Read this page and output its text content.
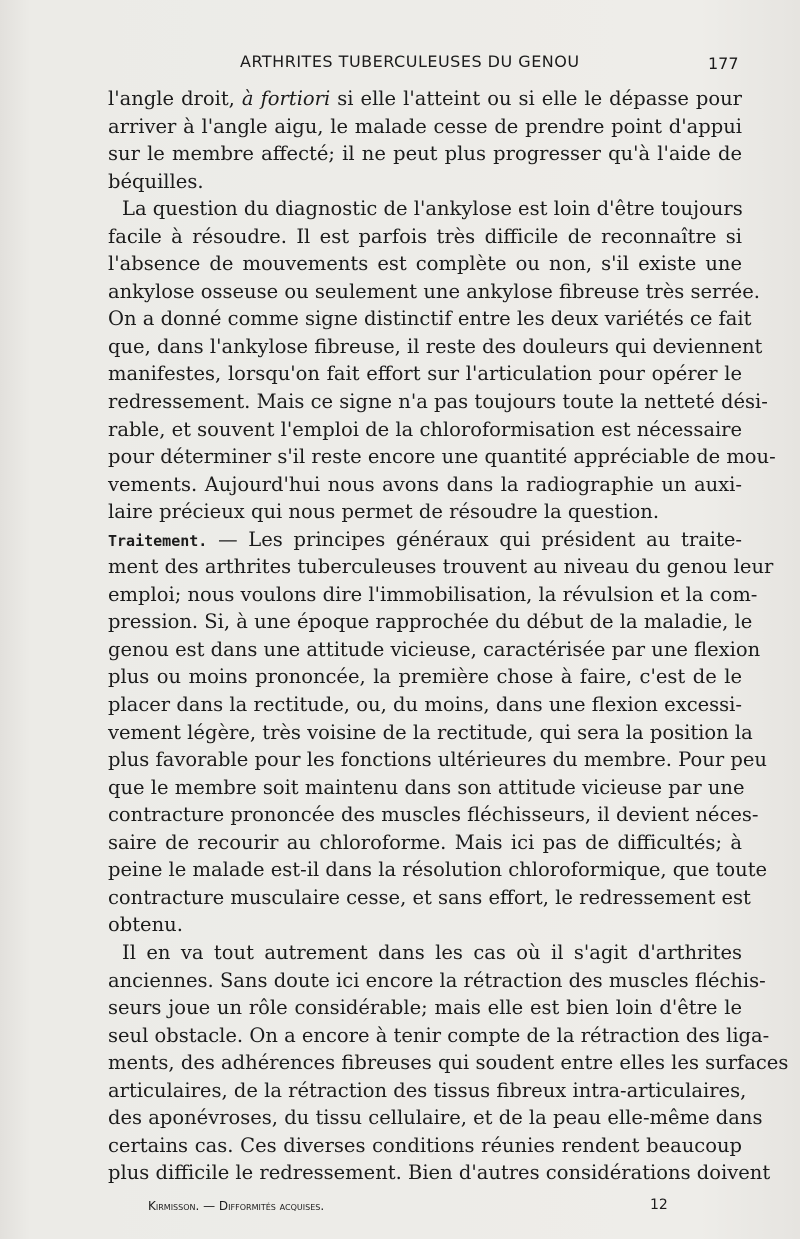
ARTHRITES TUBERCULEUSES DU GENOU	177
l'angle droit, à fortiori si elle l'atteint ou si elle le dépasse pour
arriver à l'angle aigu, le malade cesse de prendre point d'appui
sur le membre affecté; il ne peut plus progresser qu'à l'aide de
béquilles.
La question du diagnostic de l'ankylose est loin d'être toujours
facile à résoudre. Il est parfois très difficile de reconnaître si
l'absence de mouvements est complète ou non, s'il existe une
ankylose osseuse ou seulement une ankylose fibreuse très serrée.
On a donné comme signe distinctif entre les deux variétés ce fait
que, dans l'ankylose fibreuse, il reste des douleurs qui deviennent
manifestes, lorsqu'on fait effort sur l'articulation pour opérer le
redressement. Mais ce signe n'a pas toujours toute la netteté dési-
rable, et souvent l'emploi de la chloroformisation est nécessaire
pour déterminer s'il reste encore une quantité appréciable de mou-
vements. Aujourd'hui nous avons dans la radiographie un auxi-
laire précieux qui nous permet de résoudre la question.
Traitement. — Les principes généraux qui président au traite-
ment des arthrites tuberculeuses trouvent au niveau du genou leur
emploi; nous voulons dire l'immobilisation, la révulsion et la com-
pression. Si, à une époque rapprochée du début de la maladie, le
genou est dans une attitude vicieuse, caractérisée par une flexion
plus ou moins prononcée, la première chose à faire, c'est de le
placer dans la rectitude, ou, du moins, dans une flexion excessi-
vement légère, très voisine de la rectitude, qui sera la position la
plus favorable pour les fonctions ultérieures du membre. Pour peu
que le membre soit maintenu dans son attitude vicieuse par une
contracture prononcée des muscles fléchisseurs, il devient néces-
saire de recourir au chloroforme. Mais ici pas de difficultés; à
peine le malade est-il dans la résolution chloroformique, que toute
contracture musculaire cesse, et sans effort, le redressement est
obtenu.
Il en va tout autrement dans les cas où il s'agit d'arthrites
anciennes. Sans doute ici encore la rétraction des muscles fléchis-
seurs joue un rôle considérable; mais elle est bien loin d'être le
seul obstacle. On a encore à tenir compte de la rétraction des liga-
ments, des adhérences fibreuses qui soudent entre elles les surfaces
articulaires, de la rétraction des tissus fibreux intra-articulaires,
des aponévroses, du tissu cellulaire, et de la peau elle-même dans
certains cas. Ces diverses conditions réunies rendent beaucoup
plus difficile le redressement. Bien d'autres considérations doivent
Kirmisson. — Difformités acquises.	12
